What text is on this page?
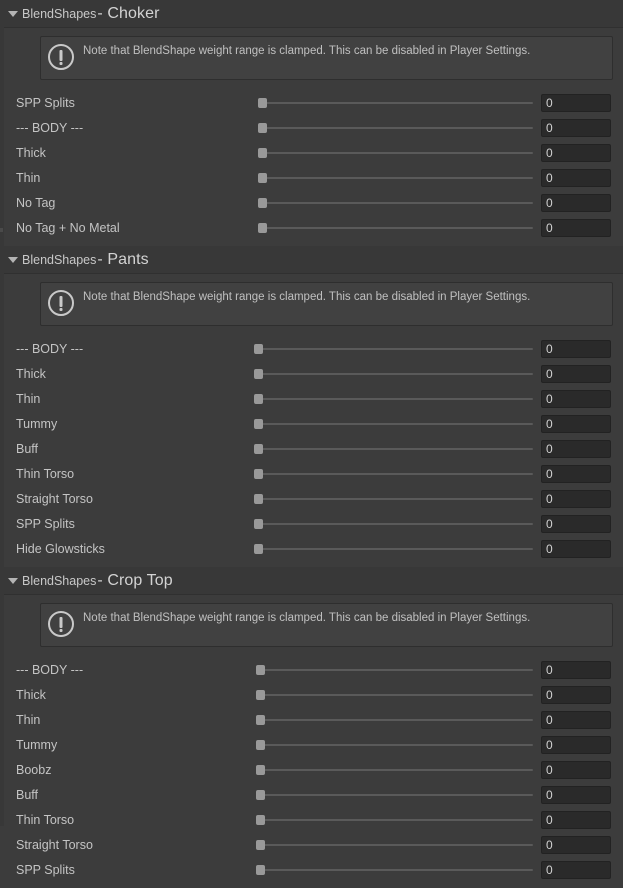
BlendShapes - Choker
Note that BlendShape weight range is clamped. This can be disabled in Player Settings.
SPP Splits	0
--- BODY ---	0
Thick	0
Thin	0
No Tag	0
No Tag + No Metal	0
BlendShapes - Pants
Note that BlendShape weight range is clamped. This can be disabled in Player Settings.
--- BODY ---	0
Thick	0
Thin	0
Tummy	0
Buff	0
Thin Torso	0
Straight Torso	0
SPP Splits	0
Hide Glowsticks	0
BlendShapes - Crop Top
Note that BlendShape weight range is clamped. This can be disabled in Player Settings.
--- BODY ---	0
Thick	0
Thin	0
Tummy	0
Boobz	0
Buff	0
Thin Torso	0
Straight Torso	0
SPP Splits	0
